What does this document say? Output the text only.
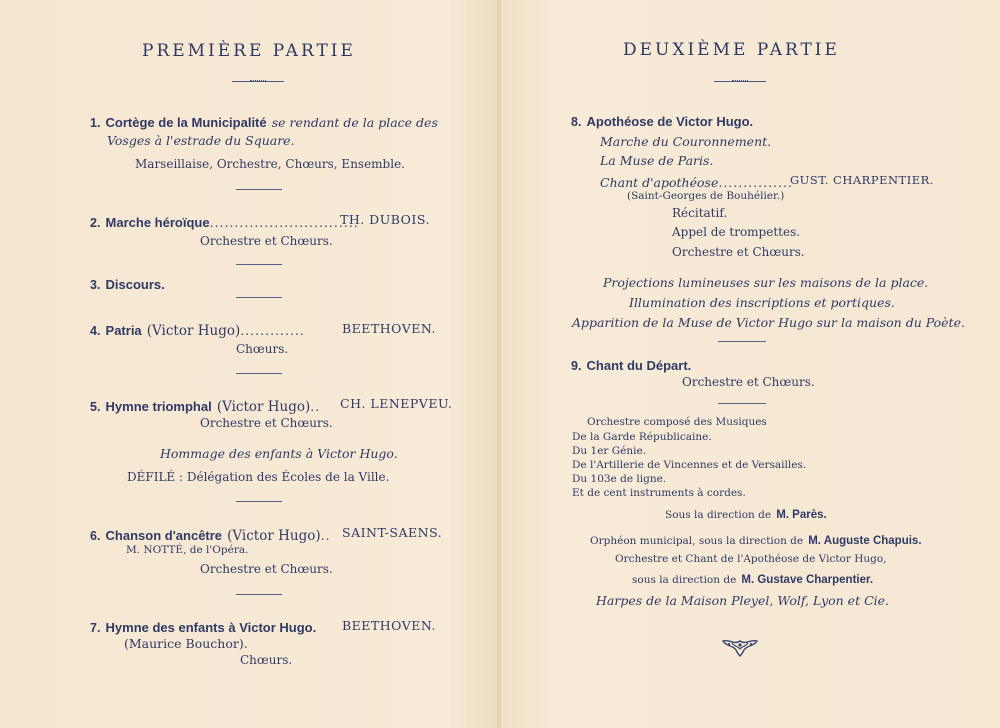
PREMIÈRE PARTIE
1. Cortège de la Municipalité se rendant de la place des
Vosges à l'estrade du Square.
Marseillaise, Orchestre, Chœurs, Ensemble.
2. Marche héroïque..............................
TH. DUBOIS.
Orchestre et Chœurs.
3. Discours.
4. Patria (Victor Hugo).............	BEETHOVEN.
Chœurs.
5. Hymne triomphal (Victor Hugo).. CH. LENEPVEU.
Orchestre et Chœurs.
Hommage des enfants à Victor Hugo.
DÉFILÉ : Délégation des Écoles de la Ville.
6. Chanson d'ancêtre (Victor Hugo).. SAINT-SAENS.
M. NOTTÉ, de l'Opéra.
Orchestre et Chœurs.
7. Hymne des enfants à Victor Hugo. BEETHOVEN.
(Maurice Bouchor).
Chœurs.
DEUXIÈME PARTIE
8. Apothéose de Victor Hugo.
Marche du Couronnement.
La Muse de Paris.
Chant d'apothéose...............
GUST. CHARPENTIER.
(Saint-Georges de Bouhélier.)
Récitatif.
Appel de trompettes.
Orchestre et Chœurs.
Projections lumineuses sur les maisons de la place.
Illumination des inscriptions et portiques.
Apparition de la Muse de Victor Hugo sur la maison du Poète.
9. Chant du Départ.
Orchestre et Chœurs.
Orchestre composé des Musiques
De la Garde Républicaine.
Du 1er Génie.
De l'Artillerie de Vincennes et de Versailles.
Du 103e de ligne.
Et de cent instruments à cordes.
Sous la direction de M. Parès.
Orphéon municipal, sous la direction de M. Auguste Chapuis.
Orchestre et Chant de l'Apothéose de Victor Hugo,
sous la direction de M. Gustave Charpentier.
Harpes de la Maison Pleyel, Wolf, Lyon et Cie.
